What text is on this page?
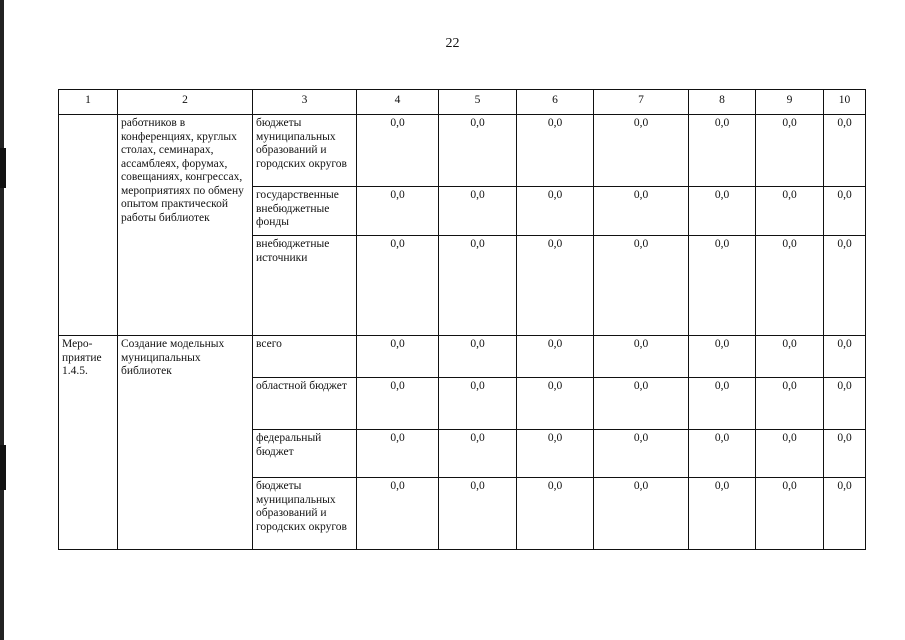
22
1	2	3	4	5	6	7	8	9	10
	работников в конференциях, круглых столах, семинарах, ассамблеях, форумах, совещаниях, конгрессах, мероприятиях по обмену опытом практической работы библиотек	бюджеты муниципальных образований и городских округов	0,0	0,0	0,0	0,0	0,0	0,0	0,0
		государственные внебюджетные фонды	0,0	0,0	0,0	0,0	0,0	0,0	0,0
		внебюджетные источники	0,0	0,0	0,0	0,0	0,0	0,0	0,0
Меро-приятие 1.4.5.	Создание модельных муниципальных библиотек	всего	0,0	0,0	0,0	0,0	0,0	0,0	0,0
		областной бюджет	0,0	0,0	0,0	0,0	0,0	0,0	0,0
		федеральный бюджет	0,0	0,0	0,0	0,0	0,0	0,0	0,0
		бюджеты муниципальных образований и городских округов	0,0	0,0	0,0	0,0	0,0	0,0	0,0
